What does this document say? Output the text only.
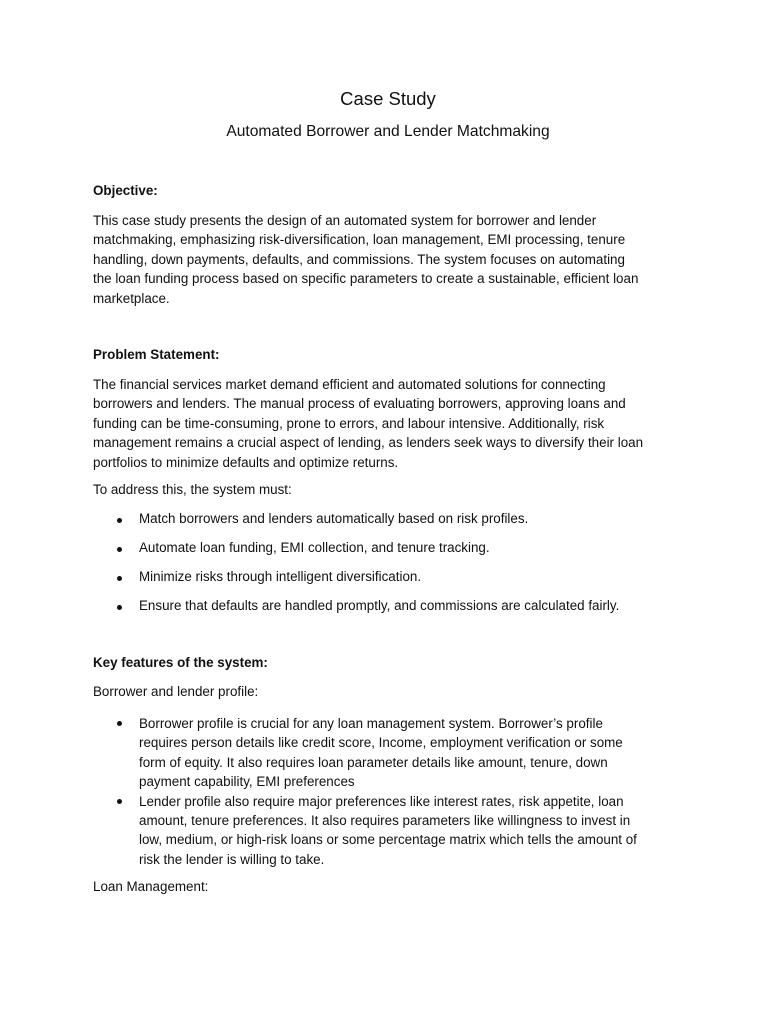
Case Study
Automated Borrower and Lender Matchmaking

Objective:

This case study presents the design of an automated system for borrower and lender
matchmaking, emphasizing risk-diversification, loan management, EMI processing, tenure
handling, down payments, defaults, and commissions. The system focuses on automating
the loan funding process based on specific parameters to create a sustainable, efficient loan
marketplace.

Problem Statement:

The financial services market demand efficient and automated solutions for connecting
borrowers and lenders. The manual process of evaluating borrowers, approving loans and
funding can be time-consuming, prone to errors, and labour intensive. Additionally, risk
management remains a crucial aspect of lending, as lenders seek ways to diversify their loan
portfolios to minimize defaults and optimize returns.

To address this, the system must:

Match borrowers and lenders automatically based on risk profiles.
Automate loan funding, EMI collection, and tenure tracking.
Minimize risks through intelligent diversification.
Ensure that defaults are handled promptly, and commissions are calculated fairly.

Key features of the system:

Borrower and lender profile:

Borrower profile is crucial for any loan management system. Borrower’s profile
requires person details like credit score, Income, employment verification or some
form of equity. It also requires loan parameter details like amount, tenure, down
payment capability, EMI preferences
Lender profile also require major preferences like interest rates, risk appetite, loan
amount, tenure preferences. It also requires parameters like willingness to invest in
low, medium, or high-risk loans or some percentage matrix which tells the amount of
risk the lender is willing to take.

Loan Management:
